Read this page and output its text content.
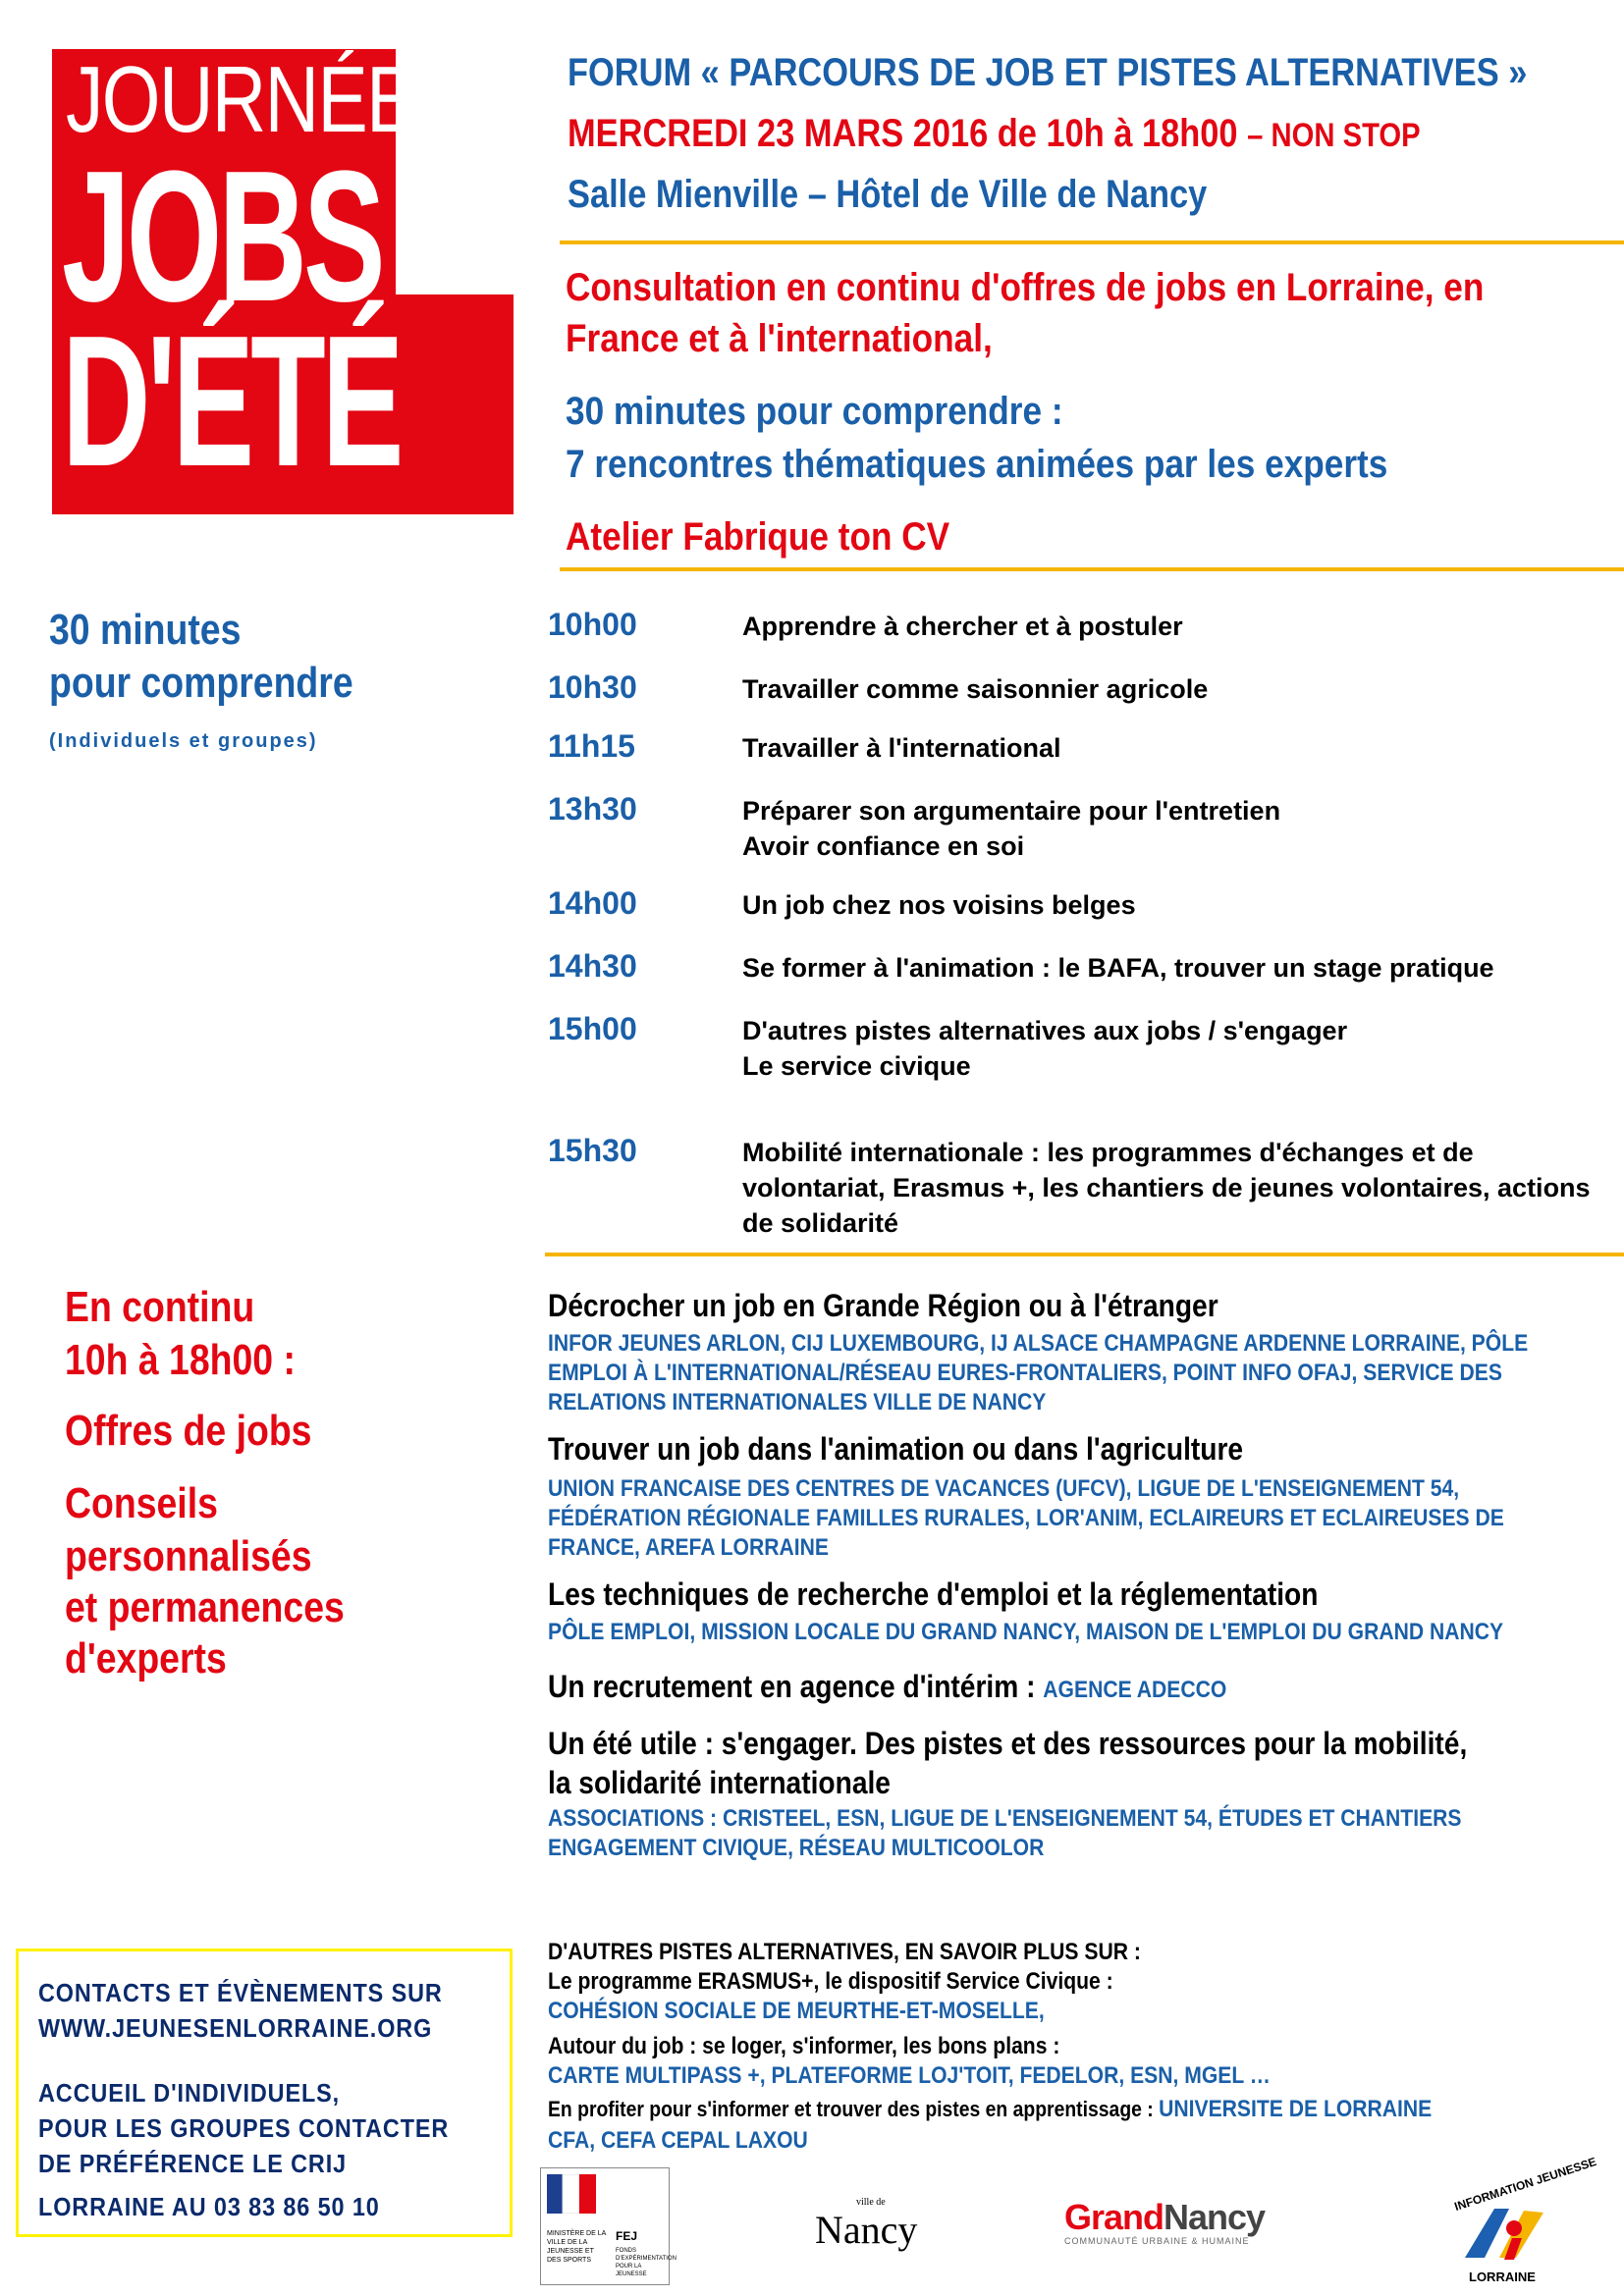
JOURNÉE
JOBS
D'ÉTÉ
FORUM « PARCOURS DE JOB ET PISTES ALTERNATIVES »
MERCREDI 23 MARS 2016 de 10h à 18h00 – NON STOP
Salle Mienville – Hôtel de Ville de Nancy
Consultation en continu d'offres de jobs en Lorraine, en
France et à l'international,
30 minutes pour comprendre :
7 rencontres thématiques animées par les experts
Atelier Fabrique ton CV
30 minutes
pour comprendre
(Individuels et groupes)
10h00	Apprendre à chercher et à postuler
10h30	Travailler comme saisonnier agricole
11h15	Travailler à l'international
13h30	Préparer son argumentaire pour l'entretien
Avoir confiance en soi
14h00	Un job chez nos voisins belges
14h30	Se former à l'animation : le BAFA, trouver un stage pratique
15h00	D'autres pistes alternatives aux jobs / s'engager
Le service civique
15h30	Mobilité internationale : les programmes d'échanges et de
volontariat, Erasmus +, les chantiers de jeunes volontaires, actions
de solidarité
En continu
10h à 18h00 :
Offres de jobs
Conseils
personnalisés
et permanences
d'experts
Décrocher un job en Grande Région ou à l'étranger
INFOR JEUNES ARLON, CIJ LUXEMBOURG, IJ ALSACE CHAMPAGNE ARDENNE LORRAINE, PÔLE
EMPLOI À L'INTERNATIONAL/RÉSEAU EURES-FRONTALIERS, POINT INFO OFAJ, SERVICE DES
RELATIONS INTERNATIONALES VILLE DE NANCY
Trouver un job dans l'animation ou dans l'agriculture
UNION FRANCAISE DES CENTRES DE VACANCES (UFCV), LIGUE DE L'ENSEIGNEMENT 54,
FÉDÉRATION RÉGIONALE FAMILLES RURALES, LOR'ANIM, ECLAIREURS ET ECLAIREUSES DE
FRANCE, AREFA LORRAINE
Les techniques de recherche d'emploi et la réglementation
PÔLE EMPLOI, MISSION LOCALE DU GRAND NANCY, MAISON DE L'EMPLOI DU GRAND NANCY
Un recrutement en agence d'intérim : AGENCE ADECCO
Un été utile : s'engager. Des pistes et des ressources pour la mobilité,
la solidarité internationale
ASSOCIATIONS : CRISTEEL, ESN, LIGUE DE L'ENSEIGNEMENT 54, ÉTUDES ET CHANTIERS
ENGAGEMENT CIVIQUE, RÉSEAU MULTICOOLOR
CONTACTS ET ÉVÈNEMENTS SUR
WWW.JEUNESENLORRAINE.ORG
ACCUEIL D'INDIVIDUELS,
POUR LES GROUPES CONTACTER
DE PRÉFÉRENCE LE CRIJ
LORRAINE AU 03 83 86 50 10
D'AUTRES PISTES ALTERNATIVES, EN SAVOIR PLUS SUR :
Le programme ERASMUS+, le dispositif Service Civique :
COHÉSION SOCIALE DE MEURTHE-ET-MOSELLE,
Autour du job : se loger, s'informer, les bons plans :
CARTE MULTIPASS +, PLATEFORME LOJ'TOIT, FEDELOR, ESN, MGEL …
En profiter pour s'informer et trouver des pistes en apprentissage : UNIVERSITE DE LORRAINE
CFA, CEFA CEPAL LAXOU
MINISTÈRE DE LA VILLE DE LA JEUNESSE ET DES SPORTS
FEJ
FONDS D'EXPÉRIMENTATION POUR LA JEUNESSE
ville de
Nancy	GrandNancy
COMMUNAUTÉ URBAINE & HUMAINE
INFORMATION JEUNESSE
LORRAINE
